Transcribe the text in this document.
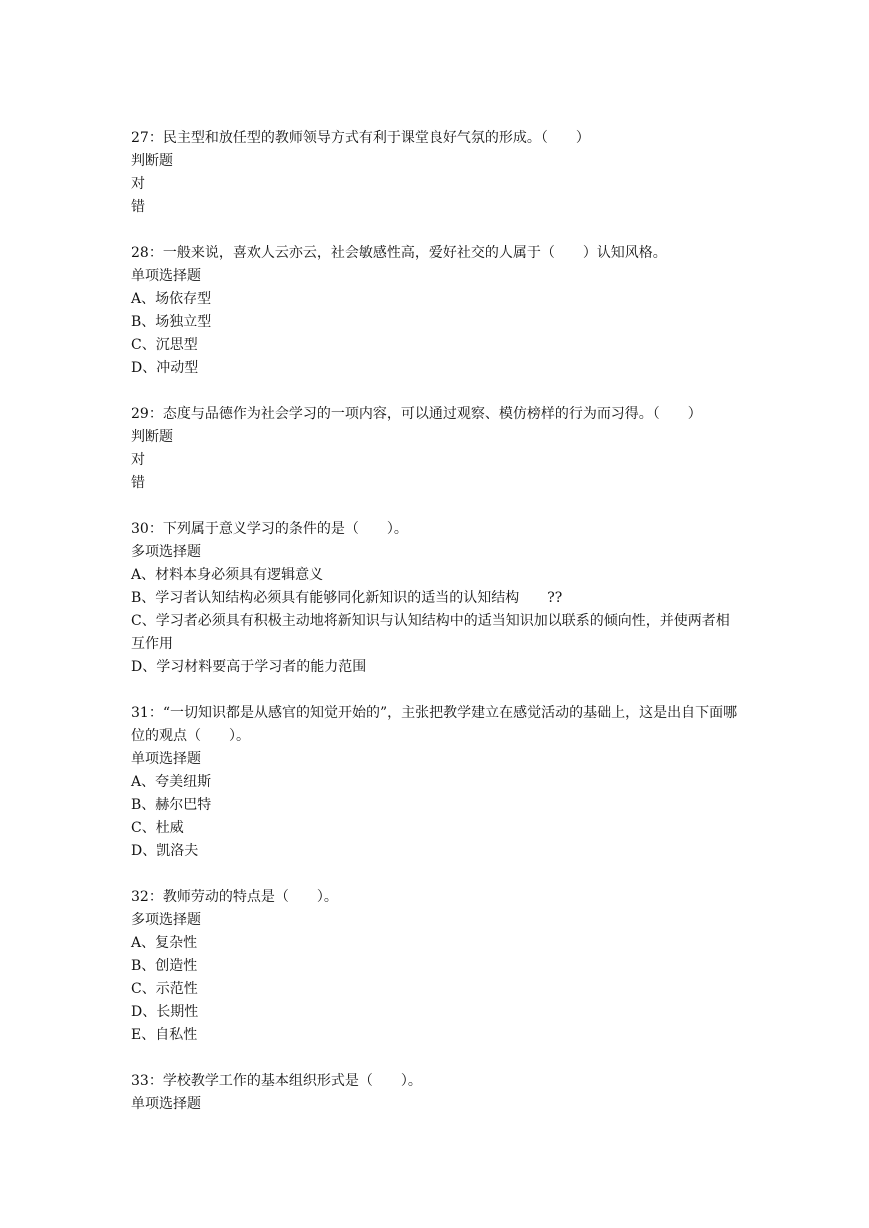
27：民主型和放任型的教师领导方式有利于课堂良好气氛的形成。（　　）
判断题
对
错
28：一般来说，喜欢人云亦云，社会敏感性高，爱好社交的人属于（　　）认知风格。
单项选择题
A、场依存型
B、场独立型
C、沉思型
D、冲动型
29：态度与品德作为社会学习的一项内容，可以通过观察、模仿榜样的行为而习得。（　　）
判断题
对
错
30：下列属于意义学习的条件的是（　　）。
多项选择题
A、材料本身必须具有逻辑意义
B、学习者认知结构必须具有能够同化新知识的适当的认知结构　　??
C、学习者必须具有积极主动地将新知识与认知结构中的适当知识加以联系的倾向性，并使两者相互作用
D、学习材料要高于学习者的能力范围
31：“一切知识都是从感官的知觉开始的”，主张把教学建立在感觉活动的基础上，这是出自下面哪位的观点（　　）。
单项选择题
A、夸美纽斯
B、赫尔巴特
C、杜威
D、凯洛夫
32：教师劳动的特点是（　　）。
多项选择题
A、复杂性
B、创造性
C、示范性
D、长期性
E、自私性
33：学校教学工作的基本组织形式是（　　）。
单项选择题
